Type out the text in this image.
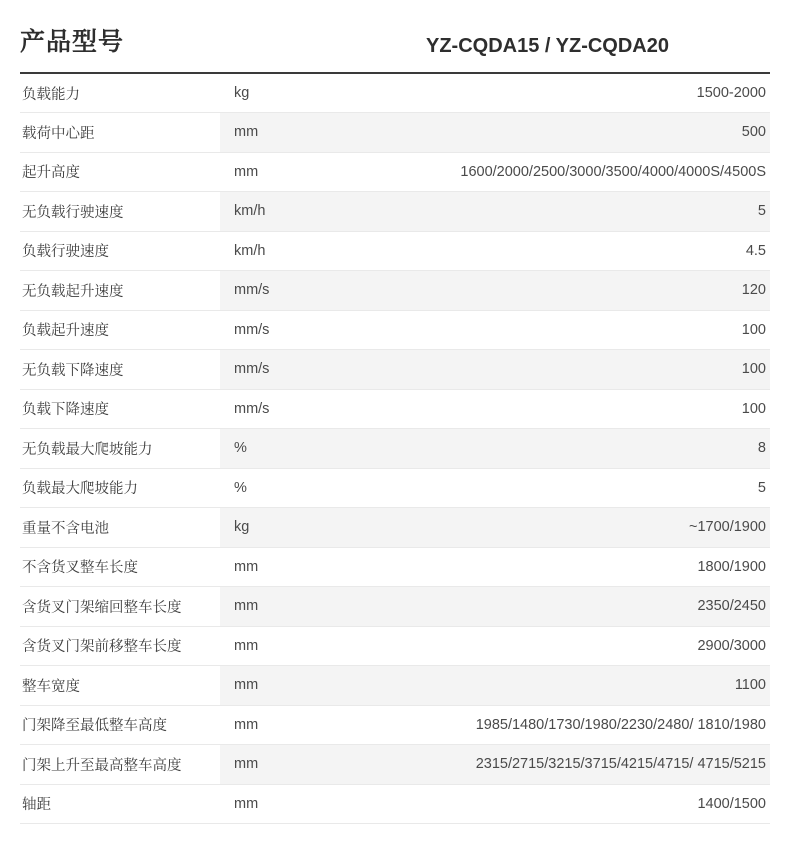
产品型号		YZ-CQDA15 / YZ-CQDA20
负载能力	kg	1500-2000
载荷中心距	mm	500
起升高度	mm	1600/2000/2500/3000/3500/4000/4000S/4500S
无负载行驶速度	km/h	5
负载行驶速度	km/h	4.5
无负载起升速度	mm/s	120
负载起升速度	mm/s	100
无负载下降速度	mm/s	100
负载下降速度	mm/s	100
无负载最大爬坡能力	%	8
负载最大爬坡能力	%	5
重量不含电池	kg	~1700/1900
不含货叉整车长度	mm	1800/1900
含货叉门架缩回整车长度	mm	2350/2450
含货叉门架前移整车长度	mm	2900/3000
整车宽度	mm	1100
门架降至最低整车高度	mm	1985/1480/1730/1980/2230/2480/ 1810/1980
门架上升至最高整车高度	mm	2315/2715/3215/3715/4215/4715/ 4715/5215
轴距	mm	1400/1500
